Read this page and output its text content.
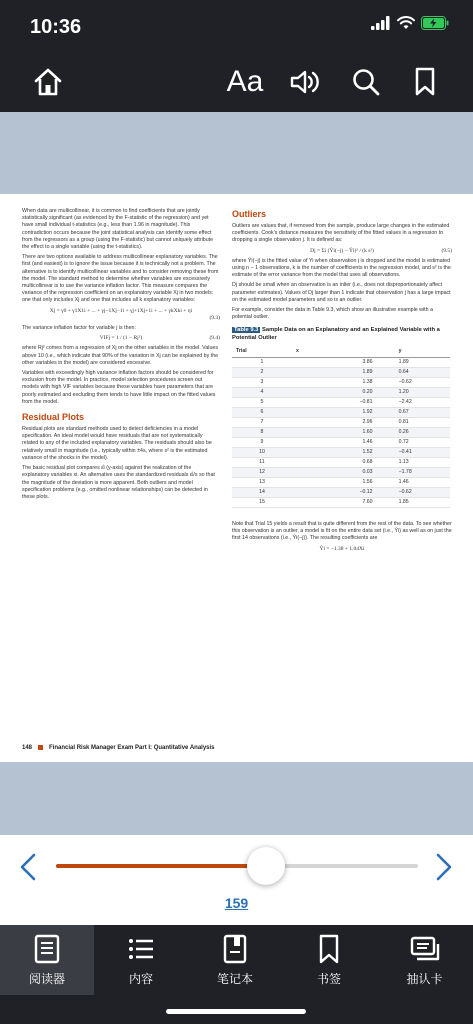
10:36
Aa

When data are multicollinear, it is common to find coefficients that are jointly statistically significant (as evidenced by the F-statistic of the regression) and yet have small individual t-statistics (e.g., less than 1.96 in magnitude). This contradiction occurs because the joint statistical analysis can identify some effect from the regressors as a group (using the F-statistic) but cannot uniquely attribute the effect to a single variable (using the t-statistics).

There are two options available to address multicollinear explanatory variables. The first (and easiest) is to ignore the issue because it is technically not a problem. The alternative is to identify multicollinear variables and to consider removing these from the model. The standard method to determine whether variables are excessively multicollinear is to use the variance inflation factor. This measure compares the variance of the regression coefficient on an explanatory variable Xj in two models: one that only includes Xj and one that includes all k explanatory variables:

Xj = γ0 + γ1X1i + ... + γj−1Xj−1i + γj+1Xj+1i + ... + γkXki + ηi
(9.3)

The variance inflation factor for variable j is then:

VIFj = 1 / (1 − Rj²)	(9.4)

where Rj² comes from a regression of Xj on the other variables in the model. Values above 10 (i.e., which indicate that 90% of the variation in Xj can be explained by the other variables in the model) are considered excessive.

Variables with exceedingly high variance inflation factors should be considered for exclusion from the model. In practice, model selection procedures screen out models with high VIF variables because these variables have parameters that are poorly estimated and excluding them tends to have little impact on the fitted values from the model.

Residual Plots

Residual plots are standard methods used to detect deficiencies in a model specification. An ideal model would have residuals that are not systematically related to any of the included explanatory variables. The residuals should also be relatively small in magnitude (i.e., typically within ±4s, where s² is the estimated variance of the shocks in the model).

The basic residual plot compares ε̂i (y-axis) against the realization of the explanatory variables xi. An alternative uses the standardized residuals ε̂i/s so that the magnitude of the deviation is more apparent. Both outliers and model specification problems (e.g., omitted nonlinear relationships) can be detected in these plots.

Outliers

Outliers are values that, if removed from the sample, produce large changes in the estimated coefficients. Cook's distance measures the sensitivity of the fitted values in a regression to dropping a single observation j. It is defined as:

Dj = Σi (Ŷi(−j) − Ŷi)² / (k s²)	(9.5)

where Ŷi(−j) is the fitted value of Yi when observation j is dropped and the model is estimated using n − 1 observations, k is the number of coefficients in the regression model, and s² is the estimate of the error variance from the model that uses all observations.

Dj should be small when an observation is an inlier (i.e., does not disproportionately affect parameter estimates). Values of Dj larger than 1 indicate that observation j has a large impact on the estimated model parameters and so is an outlier.

For example, consider the data in Table 9.3, which show an illustrative example with a potential outlier.

Table 9.3 Sample Data on an Explanatory and an Explained Variable with a Potential Outlier
Trial	x	y
1	3.86	1.89
2	1.89	0.64
3	1.38	−0.62
4	0.20	1.20
5	−0.81	−2.42
6	1.92	0.67
7	2.96	0.81
8	1.60	0.26
9	1.46	0.72
10	1.52	−0.41
11	0.68	1.13
12	0.03	−1.78
13	1.56	1.46
14	−0.12	−0.62
15	7.60	1.85

Note that Trial 15 yields a result that is quite different from the rest of the data. To see whether this observation is an outlier, a model is fit on the entire data set (i.e., Ŷi) as well as on just the first 14 observations (i.e., Ŷi(−j)). The resulting coefficients are

Ŷi = −1.38 + 1.04Xi
148	Financial Risk Manager Exam Part I: Quantitative Analysis
159
阅读器	内容	笔记本	书签	抽认卡
